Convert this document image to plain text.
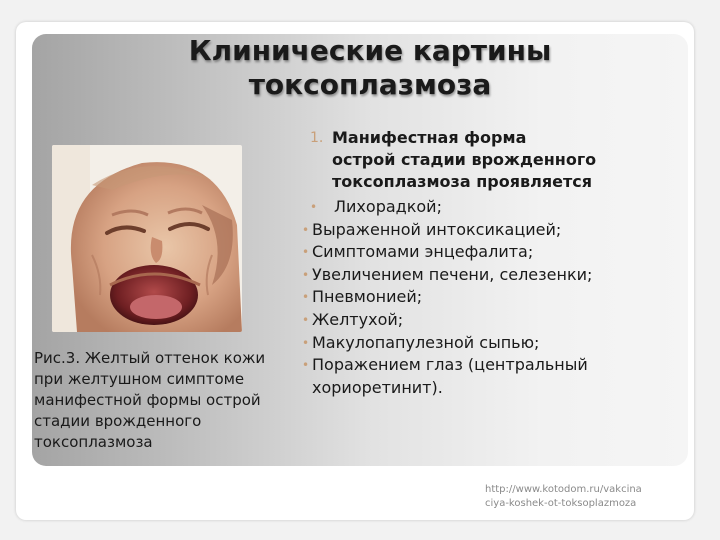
Клинические картины
токсоплазмоза
Рис.3. Желтый оттенок кожи
при желтушном симптоме
манифестной формы острой
стадии врожденного
токсоплазмоза
1. Манифестная форма
острой стадии врожденного
токсоплазмоза проявляется
• Лихорадкой;
• Выраженной интоксикацией;
• Симптомами энцефалита;
• Увеличением печени, селезенки;
• Пневмонией;
• Желтухой;
• Макулопапулезной сыпью;
• Поражением глаз (центральный
хориоретинит).
http://www.kotodom.ru/vakcina
ciya-koshek-ot-toksoplazmoza
